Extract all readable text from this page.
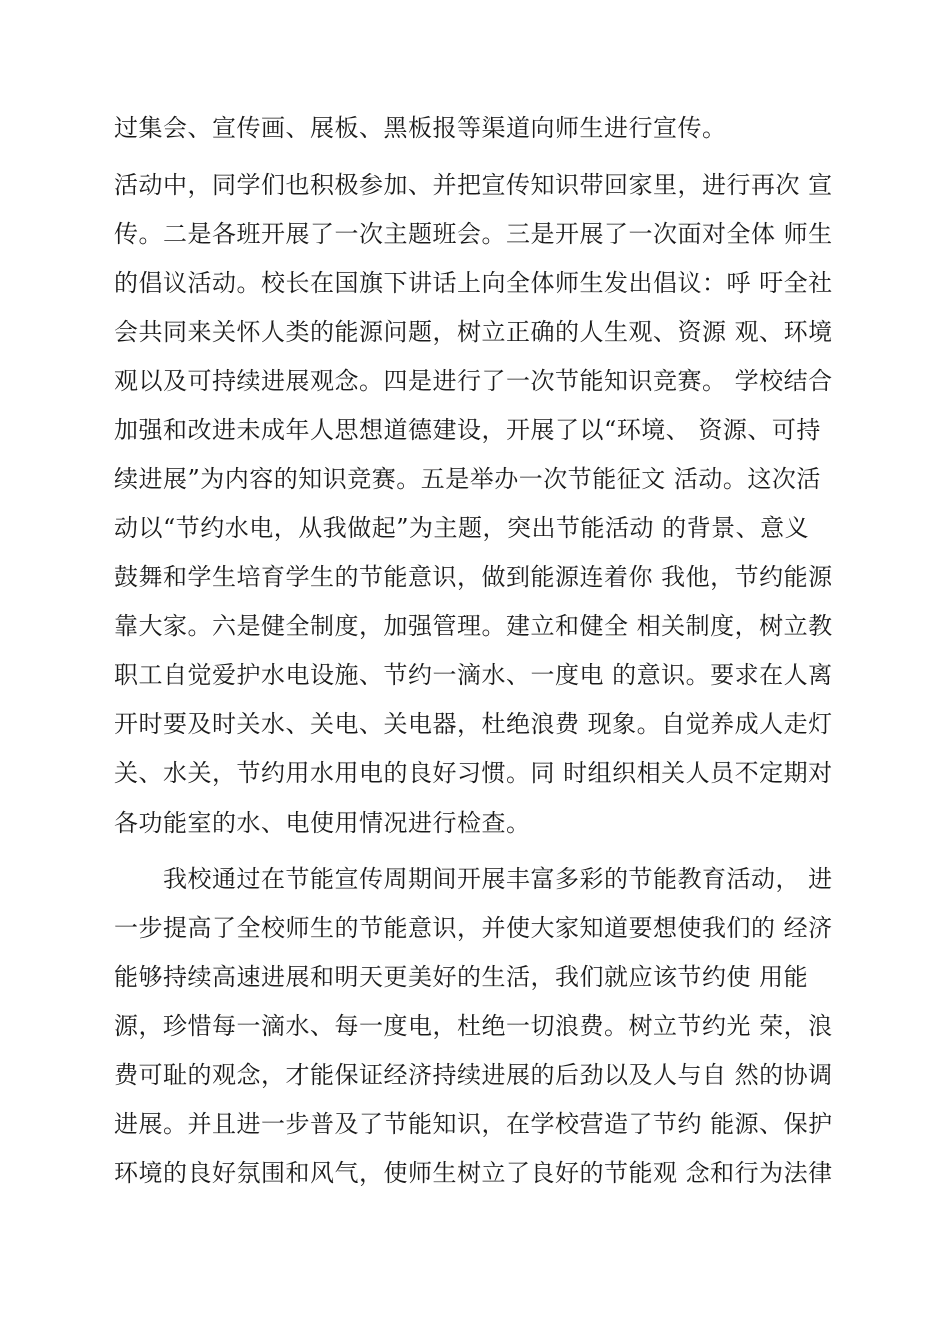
过集会、宣传画、展板、黑板报等渠道向师生进行宣传。
活动中，同学们也积极参加、并把宣传知识带回家里，进行再次 宣
传。二是各班开展了一次主题班会。三是开展了一次面对全体 师生
的倡议活动。校长在国旗下讲话上向全体师生发出倡议：呼 吁全社
会共同来关怀人类的能源问题，树立正确的人生观、资源 观、环境
观以及可持续进展观念。四是进行了一次节能知识竞赛。 学校结合
加强和改进未成年人思想道德建设，开展了以“环境、 资源、可持
续进展”为内容的知识竞赛。五是举办一次节能征文 活动。这次活
动以“节约水电，从我做起”为主题，突出节能活动 的背景、意义
鼓舞和学生培育学生的节能意识，做到能源连着你 我他，节约能源
靠大家。六是健全制度，加强管理。建立和健全 相关制度，树立教
职工自觉爱护水电设施、节约一滴水、一度电 的意识。要求在人离
开时要及时关水、关电、关电器，杜绝浪费 现象。自觉养成人走灯
关、水关，节约用水用电的良好习惯。同 时组织相关人员不定期对
各功能室的水、电使用情况进行检查。
　　我校通过在节能宣传周期间开展丰富多彩的节能教育活动， 进
一步提高了全校师生的节能意识，并使大家知道要想使我们的 经济
能够持续高速进展和明天更美好的生活，我们就应该节约使 用能
源，珍惜每一滴水、每一度电，杜绝一切浪费。树立节约光 荣，浪
费可耻的观念，才能保证经济持续进展的后劲以及人与自 然的协调
进展。并且进一步普及了节能知识，在学校营造了节约 能源、保护
环境的良好氛围和风气，使师生树立了良好的节能观 念和行为法律
